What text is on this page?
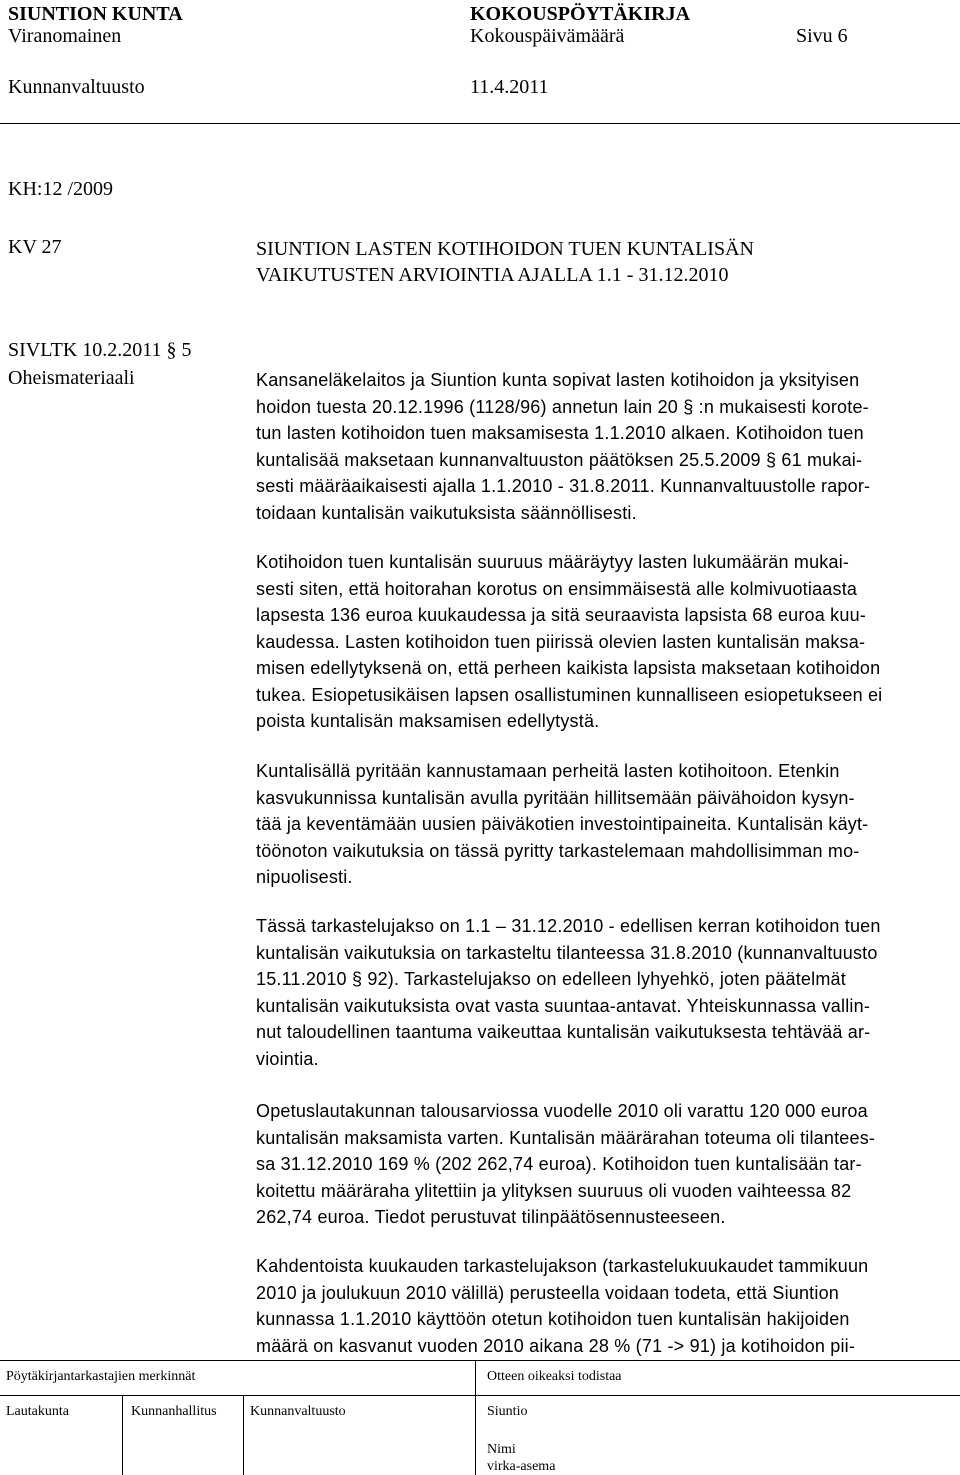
SIUNTION KUNTA
Viranomainen
Kunnanvaltuusto
KOKOUSPÖYTÄKIRJA
Kokouspäivämäärä
11.4.2011
Sivu 6
KH:12 /2009
KV 27	SIUNTION LASTEN KOTIHOIDON TUEN KUNTALISÄN
VAIKUTUSTEN ARVIOINTIA AJALLA 1.1 - 31.12.2010
SIVLTK 10.2.2011 § 5
Oheismateriaali	Kansaneläkelaitos ja Siuntion kunta sopivat lasten kotihoidon ja yksityisen
hoidon tuesta 20.12.1996 (1128/96) annetun lain 20 § :n mukaisesti korote-
tun lasten kotihoidon tuen maksamisesta 1.1.2010 alkaen. Kotihoidon tuen
kuntalisää maksetaan kunnanvaltuuston päätöksen 25.5.2009 § 61 mukai-
sesti määräaikaisesti ajalla 1.1.2010 - 31.8.2011. Kunnanvaltuustolle rapor-
toidaan kuntalisän vaikutuksista säännöllisesti.
Kotihoidon tuen kuntalisän suuruus määräytyy lasten lukumäärän mukai-
sesti siten, että hoitorahan korotus on ensimmäisestä alle kolmivuotiaasta
lapsesta 136 euroa kuukaudessa ja sitä seuraavista lapsista 68 euroa kuu-
kaudessa. Lasten kotihoidon tuen piirissä olevien lasten kuntalisän maksa-
misen edellytyksenä on, että perheen kaikista lapsista maksetaan kotihoidon
tukea. Esiopetusikäisen lapsen osallistuminen kunnalliseen esiopetukseen ei
poista kuntalisän maksamisen edellytystä.
Kuntalisällä pyritään kannustamaan perheitä lasten kotihoitoon. Etenkin
kasvukunnissa kuntalisän avulla pyritään hillitsemään päivähoidon kysyn-
tää ja keventämään uusien päiväkotien investointipaineita. Kuntalisän käyt-
töönoton vaikutuksia on tässä pyritty tarkastelemaan mahdollisimman mo-
nipuolisesti.
Tässä tarkastelujakso on 1.1 – 31.12.2010 - edellisen kerran kotihoidon tuen
kuntalisän vaikutuksia on tarkasteltu tilanteessa 31.8.2010 (kunnanvaltuusto
15.11.2010 § 92). Tarkastelujakso on edelleen lyhyehkö, joten päätelmät
kuntalisän vaikutuksista ovat vasta suuntaa-antavat. Yhteiskunnassa vallin-
nut taloudellinen taantuma vaikeuttaa kuntalisän vaikutuksesta tehtävää ar-
viointia.
Opetuslautakunnan talousarviossa vuodelle 2010 oli varattu 120 000 euroa
kuntalisän maksamista varten. Kuntalisän määrärahan toteuma oli tilantees-
sa 31.12.2010 169 % (202 262,74 euroa). Kotihoidon tuen kuntalisään tar-
koitettu määräraha ylitettiin ja ylityksen suuruus oli vuoden vaihteessa 82
262,74 euroa. Tiedot perustuvat tilinpäätösennusteeseen.
Kahdentoista kuukauden tarkastelujakson (tarkastelukuukaudet tammikuun
2010 ja joulukuun 2010 välillä) perusteella voidaan todeta, että Siuntion
kunnassa 1.1.2010 käyttöön otetun kotihoidon tuen kuntalisän hakijoiden
määrä on kasvanut vuoden 2010 aikana 28 % (71 -> 91) ja kotihoidon pii-
Pöytäkirjantarkastajien merkinnät	Otteen oikeaksi todistaa
Lautakunta	Kunnanhallitus Kunnanvaltuusto	Siuntio
Nimi
virka-asema
